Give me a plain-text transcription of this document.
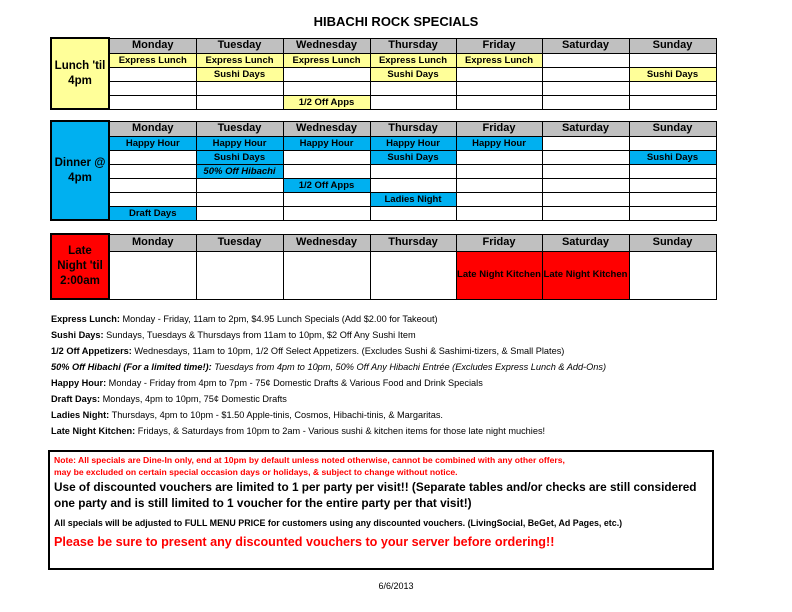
HIBACHI ROCK SPECIALS
Lunch 'til 4pm	Monday	Tuesday	Wednesday	Thursday	Friday	Saturday	Sunday
	Express Lunch	Express Lunch	Express Lunch	Express Lunch	Express Lunch		
		Sushi Days		Sushi Days			Sushi Days

			1/2 Off Apps				
Dinner @ 4pm	Monday	Tuesday	Wednesday	Thursday	Friday	Saturday	Sunday
	Happy Hour	Happy Hour	Happy Hour	Happy Hour	Happy Hour		
		Sushi Days		Sushi Days			Sushi Days
		50% Off Hibachi					
			1/2 Off Apps				
				Ladies Night			
	Draft Days						
Late Night 'til 2:00am	Monday	Tuesday	Wednesday	Thursday	Friday	Saturday	Sunday
					Late Night Kitchen	Late Night Kitchen	
Express Lunch: Monday - Friday, 11am to 2pm, $4.95 Lunch Specials (Add $2.00 for Takeout)
Sushi Days: Sundays, Tuesdays & Thursdays from 11am to 10pm, $2 Off Any Sushi Item
1/2 Off Appetizers: Wednesdays, 11am to 10pm, 1/2 Off Select Appetizers. (Excludes Sushi & Sashimi-tizers, & Small Plates)
50% Off Hibachi (For a limited time!): Tuesdays from 4pm to 10pm, 50% Off Any Hibachi Entrée (Excludes Express Lunch & Add-Ons)
Happy Hour: Monday - Friday from 4pm to 7pm - 75¢ Domestic Drafts & Various Food and Drink Specials
Draft Days: Mondays, 4pm to 10pm, 75¢ Domestic Drafts
Ladies Night: Thursdays, 4pm to 10pm - $1.50 Apple-tinis, Cosmos, Hibachi-tinis, & Margaritas.
Late Night Kitchen: Fridays, & Saturdays from 10pm to 2am - Various sushi & kitchen items for those late night muchies!
Note: All specials are Dine-In only, end at 10pm by default unless noted otherwise, cannot be combined with any other offers,
may be excluded on certain special occasion days or holidays, & subject to change without notice.
Use of discounted vouchers are limited to 1 per party per visit!! (Separate tables and/or checks are still considered one party and is still limited to 1 voucher for the entire party per that visit!)
All specials will be adjusted to FULL MENU PRICE for customers using any discounted vouchers. (LivingSocial, BeGet, Ad Pages, etc.)
Please be sure to present any discounted vouchers to your server before ordering!!
6/6/2013
